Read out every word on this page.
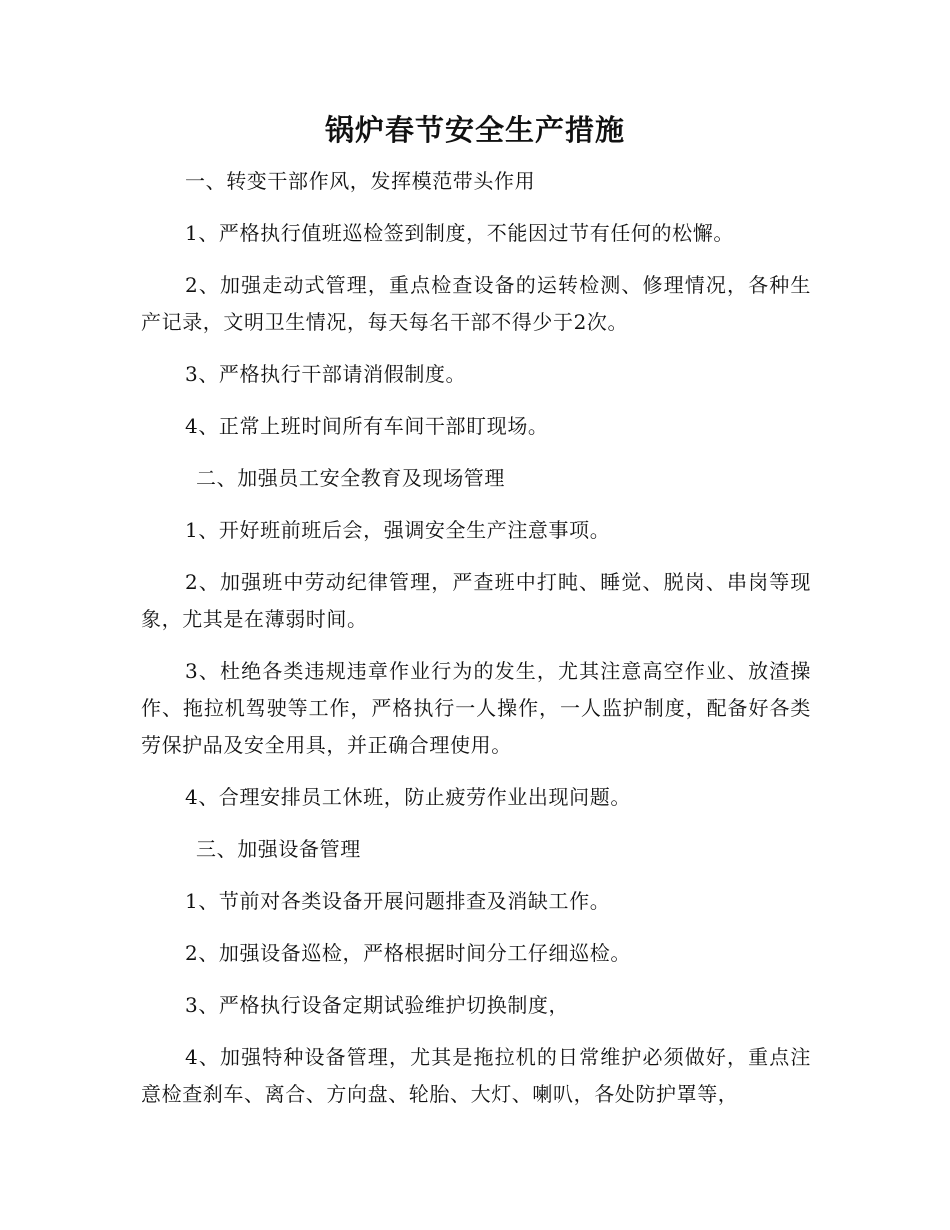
锅炉春节安全生产措施

一、转变干部作风，发挥模范带头作用

1、严格执行值班巡检签到制度，不能因过节有任何的松懈。

2、加强走动式管理，重点检查设备的运转检测、修理情况，各种生产记录，文明卫生情况，每天每名干部不得少于2次。

3、严格执行干部请消假制度。

4、正常上班时间所有车间干部盯现场。

二、加强员工安全教育及现场管理

1、开好班前班后会，强调安全生产注意事项。

2、加强班中劳动纪律管理，严查班中打盹、睡觉、脱岗、串岗等现象，尤其是在薄弱时间。

3、杜绝各类违规违章作业行为的发生，尤其注意高空作业、放渣操作、拖拉机驾驶等工作，严格执行一人操作，一人监护制度，配备好各类劳保护品及安全用具，并正确合理使用。

4、合理安排员工休班，防止疲劳作业出现问题。

三、加强设备管理

1、节前对各类设备开展问题排查及消缺工作。

2、加强设备巡检，严格根据时间分工仔细巡检。

3、严格执行设备定期试验维护切换制度，

4、加强特种设备管理，尤其是拖拉机的日常维护必须做好，重点注意检查刹车、离合、方向盘、轮胎、大灯、喇叭，各处防护罩等，
